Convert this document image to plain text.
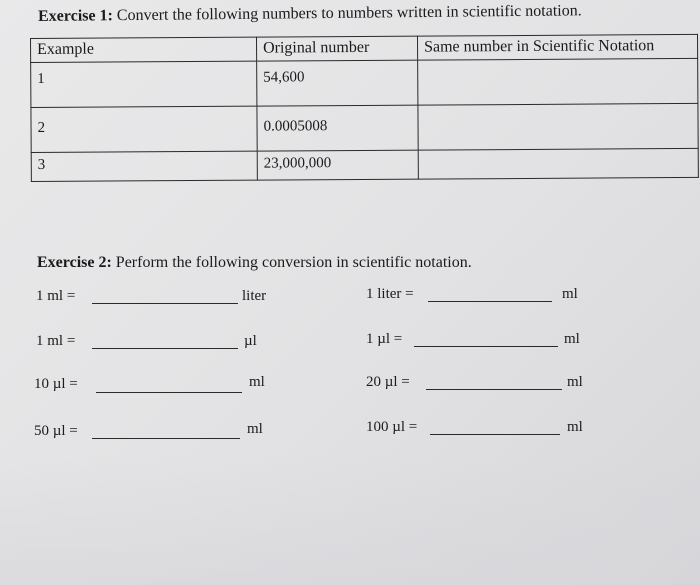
Exercise 1: Convert the following numbers to numbers written in scientific notation.
Example	Original number	Same number in Scientific Notation
1	54,600	
2	0.0005008	
3	23,000,000	
Exercise 2: Perform the following conversion in scientific notation.
1 ml =	liter	1 liter =	ml
1 ml =	µl	1 µl =	ml
10 µl =	ml	20 µl =	ml
50 µl =	ml	100 µl =	ml
